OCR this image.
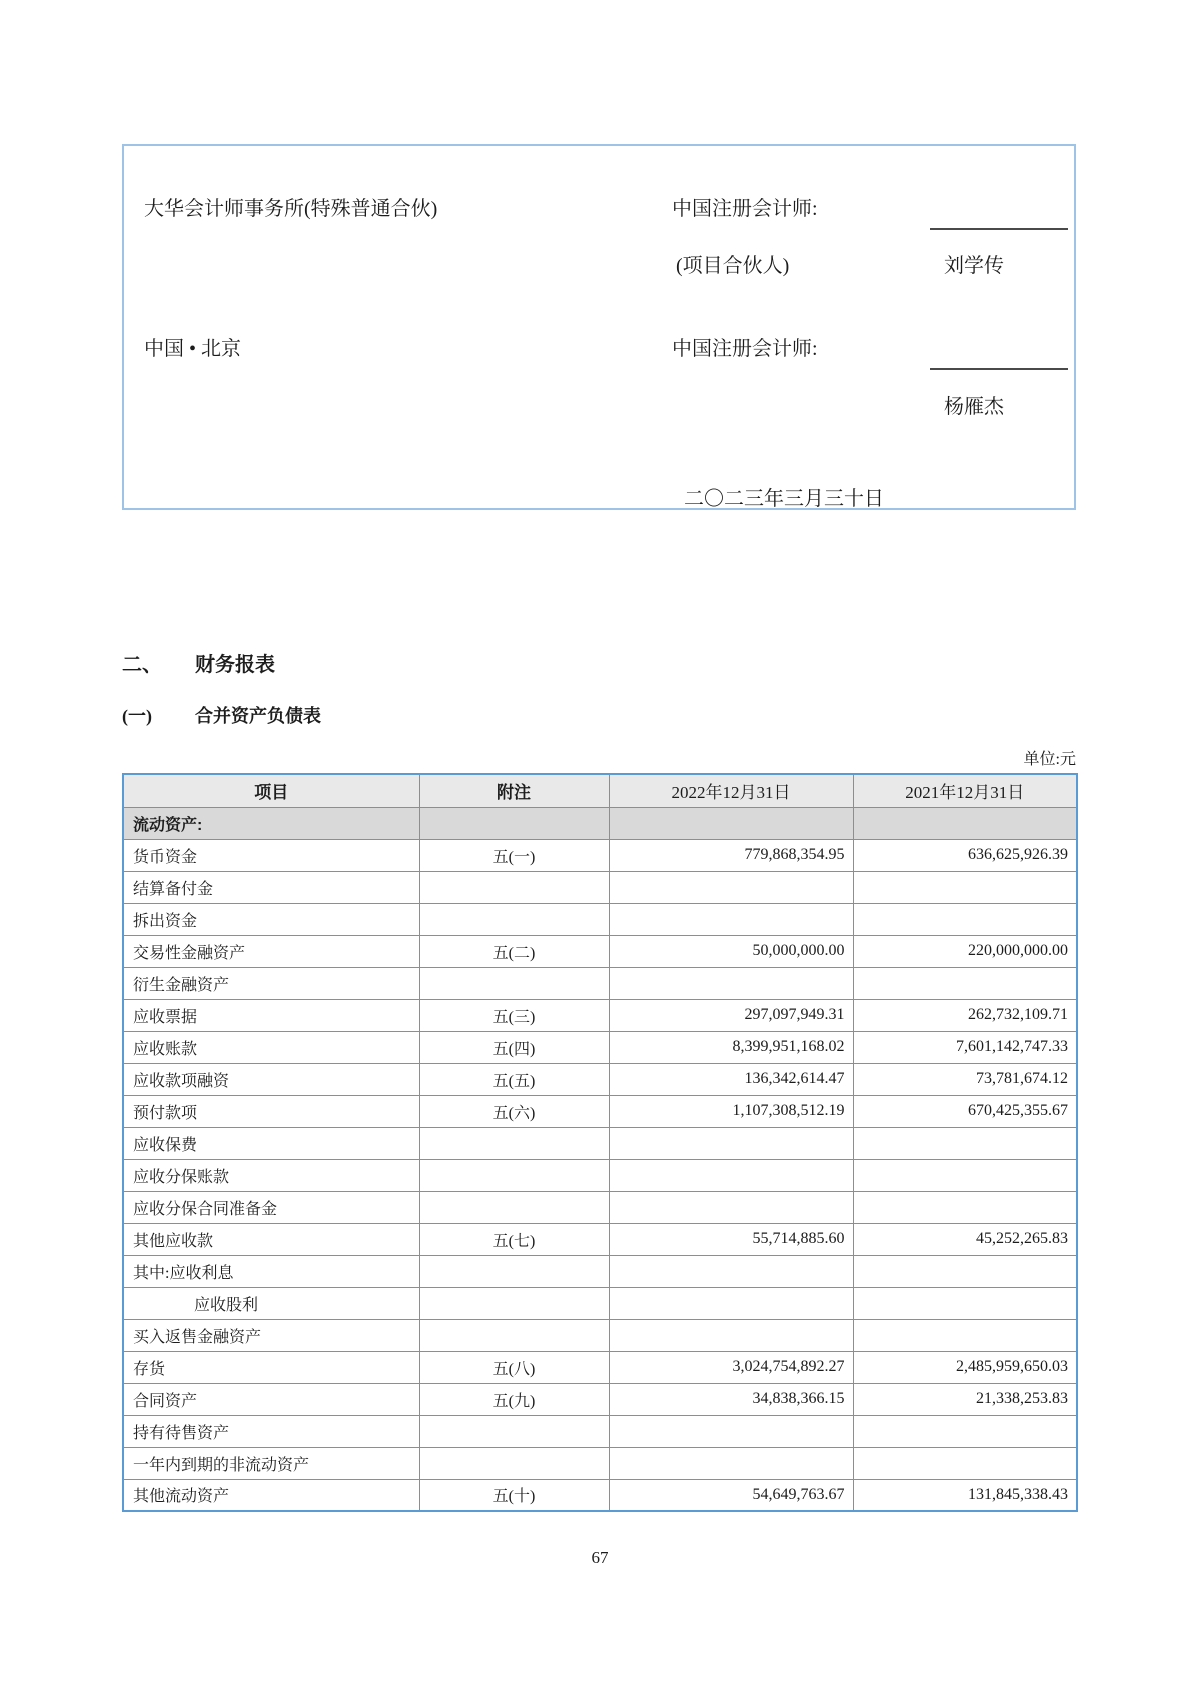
大华会计师事务所(特殊普通合伙)	中国注册会计师:
(项目合伙人)	刘学传
中国 • 北京	中国注册会计师:
杨雁杰
二〇二三年三月三十日
二、 财务报表
(一) 合并资产负债表
单位:元
项目	附注	2022年12月31日	2021年12月31日
流动资产:			
货币资金	五(一)	779,868,354.95	636,625,926.39
结算备付金			
拆出资金			
交易性金融资产	五(二)	50,000,000.00	220,000,000.00
衍生金融资产			
应收票据	五(三)	297,097,949.31	262,732,109.71
应收账款	五(四)	8,399,951,168.02	7,601,142,747.33
应收款项融资	五(五)	136,342,614.47	73,781,674.12
预付款项	五(六)	1,107,308,512.19	670,425,355.67
应收保费			
应收分保账款			
应收分保合同准备金			
其他应收款	五(七)	55,714,885.60	45,252,265.83
其中:应收利息			
应收股利			
买入返售金融资产			
存货	五(八)	3,024,754,892.27	2,485,959,650.03
合同资产	五(九)	34,838,366.15	21,338,253.83
持有待售资产			
一年内到期的非流动资产			
其他流动资产	五(十)	54,649,763.67	131,845,338.43
67
